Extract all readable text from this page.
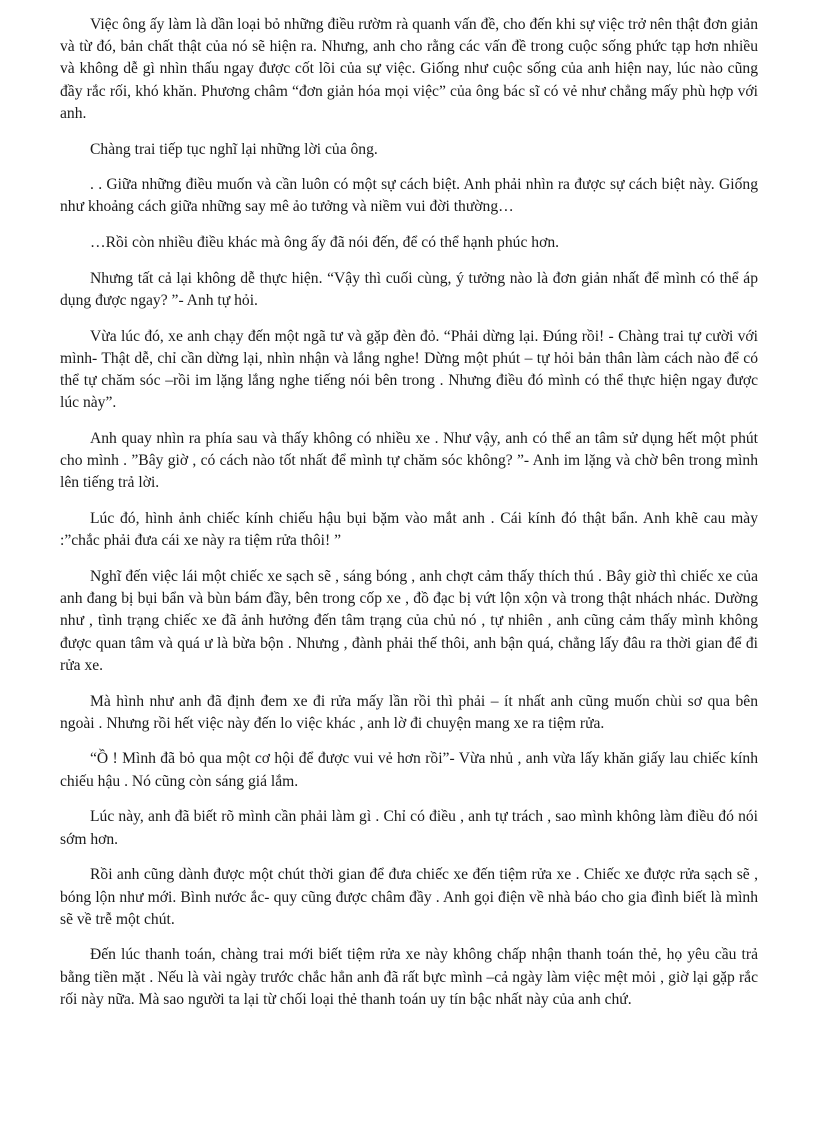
Việc ông ấy làm là dần loại bỏ những điều rườm rà quanh vấn đề, cho đến khi sự việc trở nên thật đơn giản và từ đó, bản chất thật của nó sẽ hiện ra. Nhưng, anh cho rằng các vấn đề trong cuộc sống phức tạp hơn nhiều và không dễ gì nhìn thấu ngay được cốt lõi của sự việc. Giống như cuộc sống của anh hiện nay, lúc nào cũng đầy rắc rối, khó khăn. Phương châm “đơn giản hóa mọi việc” của ông bác sĩ có vẻ như chẳng mấy phù hợp với anh.

Chàng trai tiếp tục nghĩ lại những lời của ông.

. . Giữa những điều muốn và cần luôn có một sự cách biệt. Anh phải nhìn ra được sự cách biệt này. Giống như khoảng cách giữa những say mê ảo tưởng và niềm vui đời thường…

…Rồi còn nhiều điều khác mà ông ấy đã nói đến, để có thể hạnh phúc hơn.

Nhưng tất cả lại không dễ thực hiện. “Vậy thì cuối cùng, ý tưởng nào là đơn giản nhất để mình có thể áp dụng được ngay? ”- Anh tự hỏi.

Vừa lúc đó, xe anh chạy đến một ngã tư và gặp đèn đỏ. “Phải dừng lại. Đúng rồi! - Chàng trai tự cười với mình- Thật dễ, chỉ cần dừng lại, nhìn nhận và lắng nghe! Dừng một phút – tự hỏi bản thân làm cách nào để có thể tự chăm sóc –rồi im lặng lắng nghe tiếng nói bên trong . Nhưng điều đó mình có thể thực hiện ngay được lúc này”.

Anh quay nhìn ra phía sau và thấy không có nhiều xe . Như vậy, anh có thể an tâm sử dụng hết một phút cho mình . ”Bây giờ , có cách nào tốt nhất để mình tự chăm sóc không? ”- Anh im lặng và chờ bên trong mình lên tiếng trả lời.

Lúc đó, hình ảnh chiếc kính chiếu hậu bụi bặm vào mắt anh . Cái kính đó thật bẩn. Anh khẽ cau mày :”chắc phải đưa cái xe này ra tiệm rửa thôi! ”

Nghĩ đến việc lái một chiếc xe sạch sẽ , sáng bóng , anh chợt cảm thấy thích thú . Bây giờ thì chiếc xe của anh đang bị bụi bẩn và bùn bám đầy, bên trong cốp xe , đồ đạc bị vứt lộn xộn và trong thật nhách nhác. Dường như , tình trạng chiếc xe đã ảnh hưởng đến tâm trạng của chủ nó , tự nhiên , anh cũng cảm thấy mình không được quan tâm và quá ư là bừa bộn . Nhưng , đành phải thế thôi, anh bận quá, chẳng lấy đâu ra thời gian để đi rửa xe.

Mà hình như anh đã định đem xe đi rửa mấy lần rồi thì phải – ít nhất anh cũng muốn chùi sơ qua bên ngoài . Nhưng rồi hết việc này đến lo việc khác , anh lờ đi chuyện mang xe ra tiệm rửa.

“Ồ ! Mình đã bỏ qua một cơ hội để được vui vẻ hơn rồi”- Vừa nhủ , anh vừa lấy khăn giấy lau chiếc kính chiếu hậu . Nó cũng còn sáng giá lắm.

Lúc này, anh đã biết rõ mình cần phải làm gì . Chỉ có điều , anh tự trách , sao mình không làm điều đó nói sớm hơn.

Rồi anh cũng dành được một chút thời gian để đưa chiếc xe đến tiệm rửa xe . Chiếc xe được rửa sạch sẽ , bóng lộn như mới. Bình nước ắc- quy cũng được châm đầy . Anh gọi điện về nhà báo cho gia đình biết là mình sẽ về trễ một chút.

Đến lúc thanh toán, chàng trai mới biết tiệm rửa xe này không chấp nhận thanh toán thẻ, họ yêu cầu trả bằng tiền mặt . Nếu là vài ngày trước chắc hẳn anh đã rất bực mình –cả ngày làm việc mệt mỏi , giờ lại gặp rắc rối này nữa. Mà sao người ta lại từ chối loại thẻ thanh toán uy tín bậc nhất này của anh chứ.
